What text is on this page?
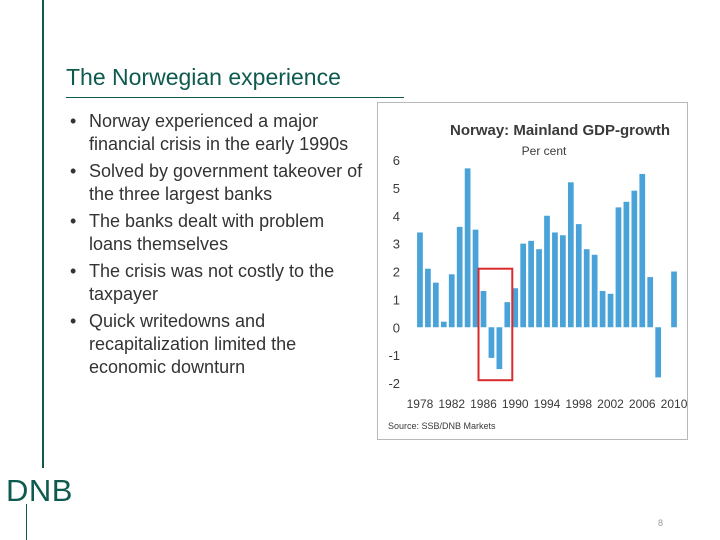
DNB
The Norwegian experience
• Norway experienced a major financial crisis in the early 1990s
• Solved by government takeover of the three largest banks
• The banks dealt with problem loans themselves
• The crisis was not costly to the taxpayer
• Quick writedowns and recapitalization limited the economic downturn
Norway: Mainland GDP-growth
Per cent
6
5
4
3
2
1
0
-1
-2
1978 1982 1986 1990 1994 1998 2002 2006 2010
Source: SSB/DNB Markets
8
